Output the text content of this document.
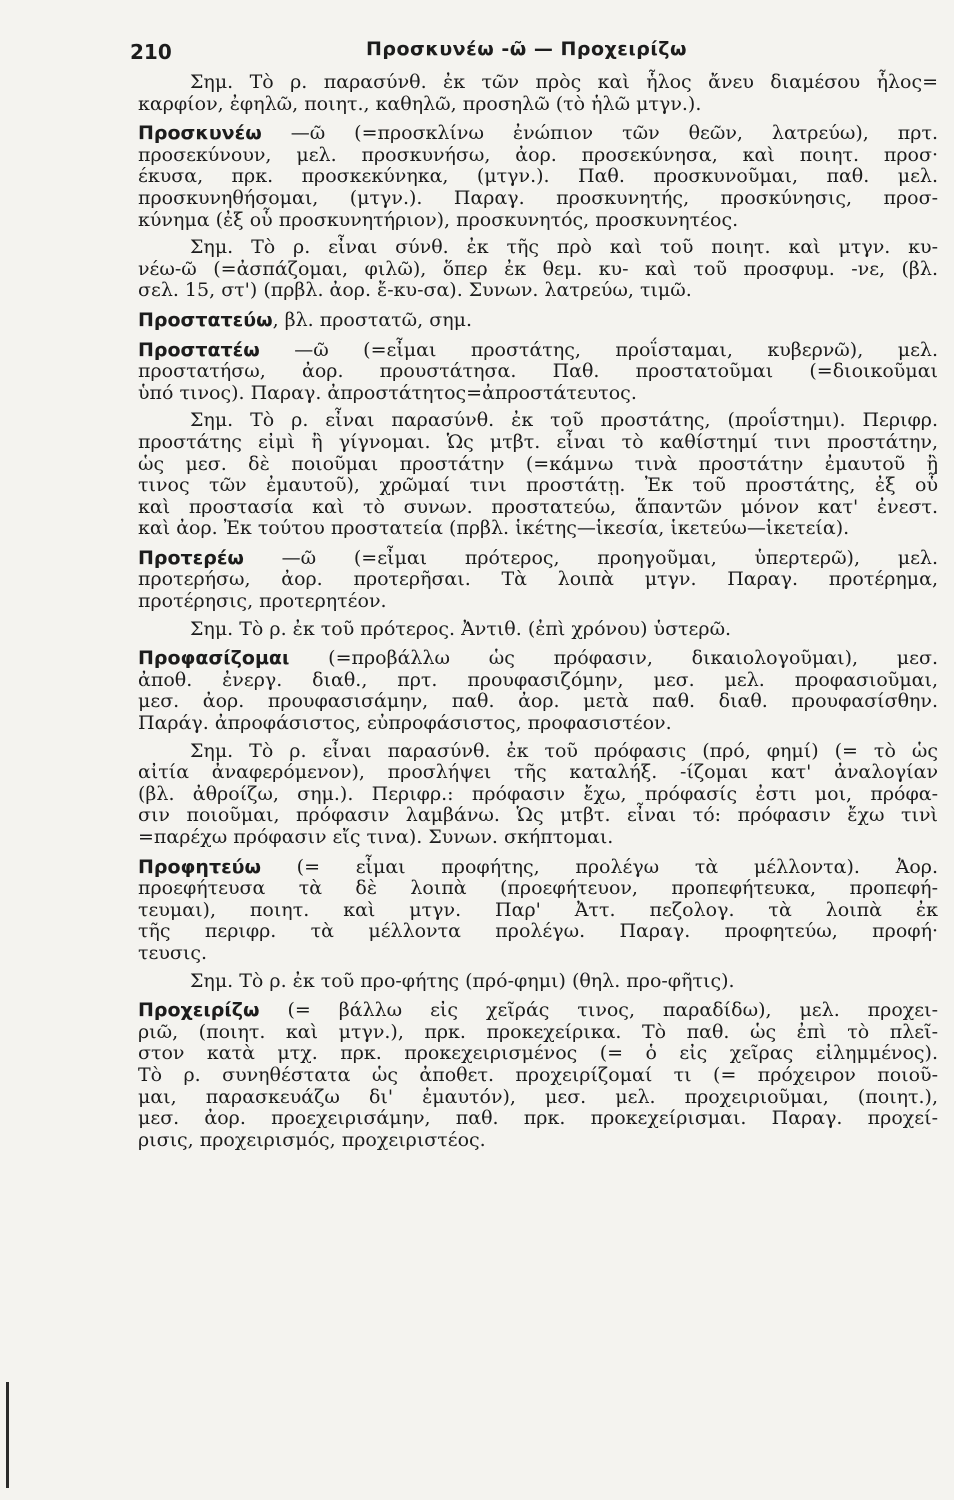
210	Προσκυνέω -ῶ — Προχειρίζω
Σημ. Τὸ ρ. παρασύνθ. ἐκ τῶν πρὸς καὶ ἧλος ἄνευ διαμέσου ἧλος=
καρφίον, ἐφηλῶ, ποιητ., καθηλῶ, προσηλῶ (τὸ ἡλῶ μτγν.).
Προσκυνέω —ῶ (=προσκλίνω ἐνώπιον τῶν θεῶν, λατρεύω), πρτ.
προσεκύνουν, μελ. προσκυνήσω, ἀορ. προσεκύνησα, καὶ ποιητ. προσ·
έκυσα, πρκ. προσκεκύνηκα, (μτγν.). Παθ. προσκυνοῦμαι, παθ. μελ.
προσκυνηθήσομαι, (μτγν.). Παραγ. προσκυνητής, προσκύνησις, προσ-
κύνημα (ἐξ οὗ προσκυνητήριον), προσκυνητός, προσκυνητέος.
Σημ. Τὸ ρ. εἶναι σύνθ. ἐκ τῆς πρὸ καὶ τοῦ ποιητ. καὶ μτγν. κυ-
νέω-ῶ (=ἀσπάζομαι, φιλῶ), ὅπερ ἐκ θεμ. κυ- καὶ τοῦ προσφυμ. -νε, (βλ.
σελ. 15, στ') (πρβλ. ἀορ. ἔ-κυ-σα). Συνων. λατρεύω, τιμῶ.
Προστατεύω, βλ. προστατῶ, σημ.
Προστατέω —ῶ (=εἶμαι προστάτης, προΐσταμαι, κυβερνῶ), μελ.
προστατήσω, ἀορ. προυστάτησα. Παθ. προστατοῦμαι (=διοικοῦμαι
ὑπό τινος). Παραγ. ἀπροστάτητος=ἀπροστάτευτος.
Σημ. Τὸ ρ. εἶναι παρασύνθ. ἐκ τοῦ προστάτης, (προΐστημι). Περιφρ.
προστάτης εἰμὶ ἢ γίγνομαι. Ὡς μτβτ. εἶναι τὸ καθίστημί τινι προστάτην,
ὡς μεσ. δὲ ποιοῦμαι προστάτην (=κάμνω τινὰ προστάτην ἐμαυτοῦ ἢ
τινος τῶν ἐμαυτοῦ), χρῶμαί τινι προστάτῃ. Ἐκ τοῦ προστάτης, ἐξ οὗ
καὶ προστασία καὶ τὸ συνων. προστατεύω, ἅπαντῶν μόνον κατ' ἐνεστ.
καὶ ἀορ. Ἐκ τούτου προστατεία (πρβλ. ἱκέτης—ἱκεσία, ἱκετεύω—ἱκετεία).
Προτερέω —ῶ (=εἶμαι πρότερος, προηγοῦμαι, ὑπερτερῶ), μελ.
προτερήσω, ἀορ. προτερῆσαι. Τὰ λοιπὰ μτγν. Παραγ. προτέρημα,
προτέρησις, προτερητέον.
Σημ. Τὸ ρ. ἐκ τοῦ πρότερος. Ἀντιθ. (ἐπὶ χρόνου) ὑστερῶ.
Προφασίζομαι (=προβάλλω ὡς πρόφασιν, δικαιολογοῦμαι), μεσ.
ἀποθ. ἐνεργ. διαθ., πρτ. προυφασιζόμην, μεσ. μελ. προφασιοῦμαι,
μεσ. ἀορ. προυφασισάμην, παθ. ἀορ. μετὰ παθ. διαθ. προυφασίσθην.
Παράγ. ἀπροφάσιστος, εὐπροφάσιστος, προφασιστέον.
Σημ. Τὸ ρ. εἶναι παρασύνθ. ἐκ τοῦ πρόφασις (πρό, φημί) (= τὸ ὡς
αἰτία ἀναφερόμενον), προσλήψει τῆς καταλήξ. -ίζομαι κατ' ἀναλογίαν
(βλ. ἀθροίζω, σημ.). Περιφρ.: πρόφασιν ἔχω, πρόφασίς ἐστι μοι, πρόφα-
σιν ποιοῦμαι, πρόφασιν λαμβάνω. Ὡς μτβτ. εἶναι τό: πρόφασιν ἔχω τινὶ
=παρέχω πρόφασιν εἴς τινα). Συνων. σκήπτομαι.
Προφητεύω (= εἶμαι προφήτης, προλέγω τὰ μέλλοντα). Ἀορ.
προεφήτευσα τὰ δὲ λοιπὰ (προεφήτευον, προπεφήτευκα, προπεφή-
τευμαι), ποιητ. καὶ μτγν. Παρ' Ἀττ. πεζολογ. τὰ λοιπὰ ἐκ
τῆς περιφρ. τὰ μέλλοντα προλέγω. Παραγ. προφητεύω, προφή·
τευσις.
Σημ. Τὸ ρ. ἐκ τοῦ προ-φήτης (πρό-φημι) (θηλ. προ-φῆτις).
Προχειρίζω (= βάλλω εἰς χεῖράς τινος, παραδίδω), μελ. προχει-
ριῶ, (ποιητ. καὶ μτγν.), πρκ. προκεχείρικα. Τὸ παθ. ὡς ἐπὶ τὸ πλεῖ-
στον κατὰ μτχ. πρκ. προκεχειρισμένος (= ὁ εἰς χεῖρας εἰλημμένος).
Τὸ ρ. συνηθέστατα ὡς ἀποθετ. προχειρίζομαί τι (= πρόχειρον ποιοῦ-
μαι, παρασκευάζω δι' ἐμαυτόν), μεσ. μελ. προχειριοῦμαι, (ποιητ.),
μεσ. ἀορ. προεχειρισάμην, παθ. πρκ. προκεχείρισμαι. Παραγ. προχεί-
ρισις, προχειρισμός, προχειριστέος.
